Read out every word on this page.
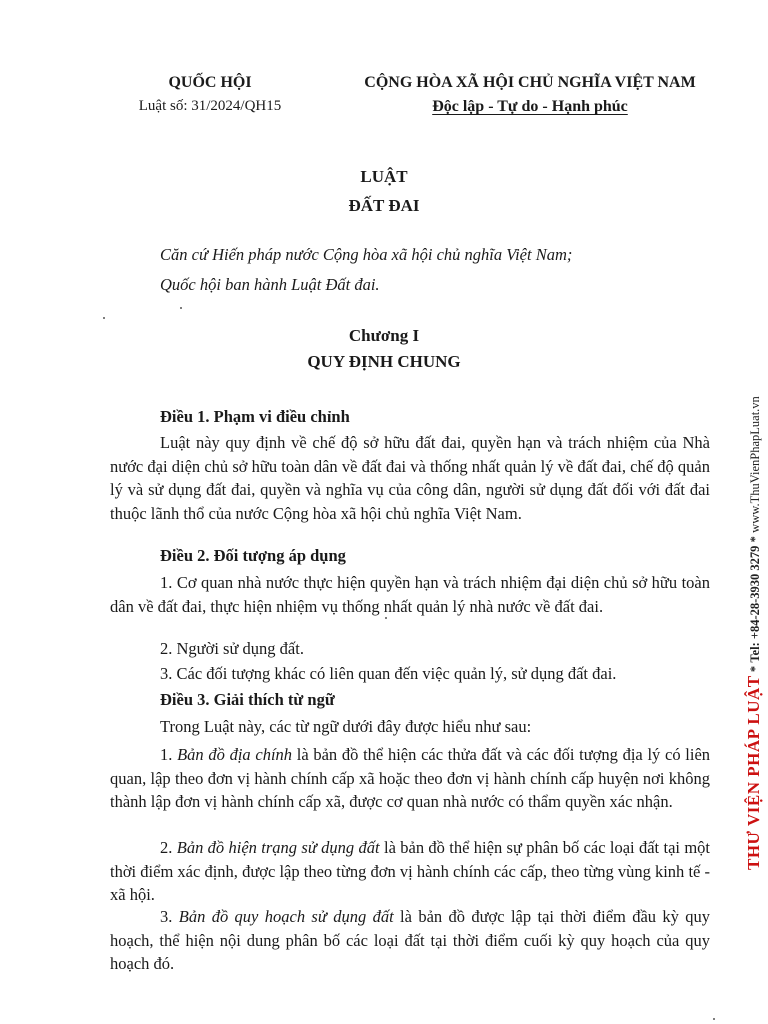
QUỐC HỘI
Luật số: 31/2024/QH15
CỘNG HÒA XÃ HỘI CHỦ NGHĨA VIỆT NAM
Độc lập - Tự do - Hạnh phúc
LUẬT
ĐẤT ĐAI
Căn cứ Hiến pháp nước Cộng hòa xã hội chủ nghĩa Việt Nam;
Quốc hội ban hành Luật Đất đai.
Chương I
QUY ĐỊNH CHUNG
Điều 1. Phạm vi điều chỉnh
Luật này quy định về chế độ sở hữu đất đai, quyền hạn và trách nhiệm của Nhà nước đại diện chủ sở hữu toàn dân về đất đai và thống nhất quản lý về đất đai, chế độ quản lý và sử dụng đất đai, quyền và nghĩa vụ của công dân, người sử dụng đất đối với đất đai thuộc lãnh thổ của nước Cộng hòa xã hội chủ nghĩa Việt Nam.
Điều 2. Đối tượng áp dụng
1. Cơ quan nhà nước thực hiện quyền hạn và trách nhiệm đại diện chủ sở hữu toàn dân về đất đai, thực hiện nhiệm vụ thống nhất quản lý nhà nước về đất đai.
2. Người sử dụng đất.
3. Các đối tượng khác có liên quan đến việc quản lý, sử dụng đất đai.
Điều 3. Giải thích từ ngữ
Trong Luật này, các từ ngữ dưới đây được hiểu như sau:
1. Bản đồ địa chính là bản đồ thể hiện các thửa đất và các đối tượng địa lý có liên quan, lập theo đơn vị hành chính cấp xã hoặc theo đơn vị hành chính cấp huyện nơi không thành lập đơn vị hành chính cấp xã, được cơ quan nhà nước có thẩm quyền xác nhận.
2. Bản đồ hiện trạng sử dụng đất là bản đồ thể hiện sự phân bố các loại đất tại một thời điểm xác định, được lập theo từng đơn vị hành chính các cấp, theo từng vùng kinh tế - xã hội.
3. Bản đồ quy hoạch sử dụng đất là bản đồ được lập tại thời điểm đầu kỳ quy hoạch, thể hiện nội dung phân bố các loại đất tại thời điểm cuối kỳ quy hoạch của quy hoạch đó.
THƯ VIỆN PHÁP LUẬT * Tel: +84-28-3930 3279 * www.ThuVienPhapLuat.vn
